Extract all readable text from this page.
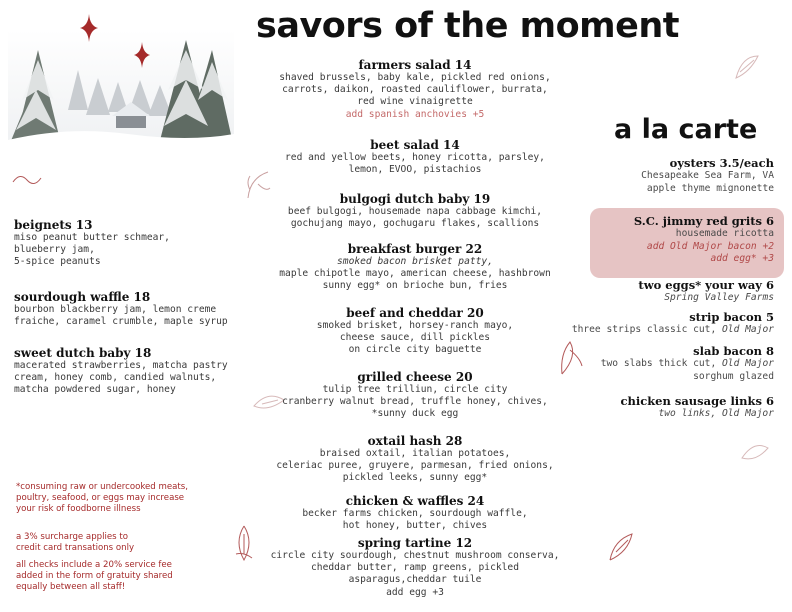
savors of the moment
farmers salad 14
shaved brussels, baby kale, pickled red onions,
carrots, daikon, roasted cauliflower, burrata,
red wine vinaigrette
add spanish anchovies +5
beet salad 14
red and yellow beets, honey ricotta, parsley,
lemon, EVOO, pistachios
bulgogi dutch baby 19
beef bulgogi, housemade napa cabbage kimchi,
gochujang mayo, gochugaru flakes, scallions
breakfast burger 22
smoked bacon brisket patty,
maple chipotle mayo, american cheese, hashbrown
sunny egg* on brioche bun, fries
beef and cheddar 20
smoked brisket, horsey-ranch mayo,
cheese sauce, dill pickles
on circle city baguette
grilled cheese 20
tulip tree trilliun, circle city
cranberry walnut bread, truffle honey, chives,
*sunny duck egg
oxtail hash 28
braised oxtail, italian potatoes,
celeriac puree, gruyere, parmesan, fried onions,
pickled leeks, sunny egg*
chicken & waffles 24
becker farms chicken, sourdough waffle,
hot honey, butter, chives
spring tartine 12
circle city sourdough, chestnut mushroom conserva,
cheddar butter, ramp greens, pickled
asparagus,cheddar tuile
add egg +3
beignets 13
miso peanut butter schmear,
blueberry jam,
5-spice peanuts
sourdough waffle 18
bourbon blackberry jam, lemon creme
fraiche, caramel crumble, maple syrup
sweet dutch baby 18
macerated strawberries, matcha pastry
cream, honey comb, candied walnuts,
matcha powdered sugar, honey
*consuming raw or undercooked meats,
poultry, seafood, or eggs may increase
your risk of foodborne illness
a 3% surcharge applies to
credit card transations only
all checks include a 20% service fee
added in the form of gratuity shared
equally between all staff!
a la carte
oysters 3.5/each
Chesapeake Sea Farm, VA
apple thyme mignonette
S.C. jimmy red grits 6
housemade ricotta
add Old Major bacon +2
add egg* +3
two eggs* your way 6
Spring Valley Farms
strip bacon 5
three strips classic cut, Old Major
slab bacon 8
two slabs thick cut, Old Major
sorghum glazed
chicken sausage links 6
two links, Old Major
